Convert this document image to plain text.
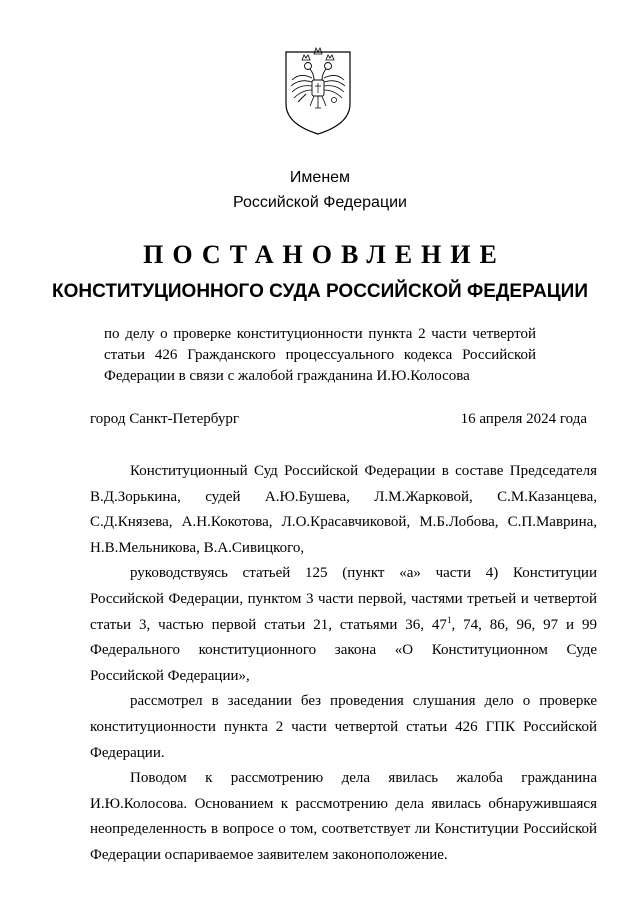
Именем
Российской Федерации
ПОСТАНОВЛЕНИЕ
КОНСТИТУЦИОННОГО СУДА РОССИЙСКОЙ ФЕДЕРАЦИИ
по делу о проверке конституционности пункта 2 части четвертой статьи 426 Гражданского процессуального кодекса Российской Федерации в связи с жалобой гражданина И.Ю.Колосова
город Санкт-Петербург	16 апреля 2024 года

Конституционный Суд Российской Федерации в составе Председателя В.Д.Зорькина, судей А.Ю.Бушева, Л.М.Жарковой, С.М.Казанцева, С.Д.Князева, А.Н.Кокотова, Л.О.Красавчиковой, М.Б.Лобова, С.П.Маврина, Н.В.Мельникова, В.А.Сивицкого,

руководствуясь статьей 125 (пункт «а» части 4) Конституции Российской Федерации, пунктом 3 части первой, частями третьей и четвертой статьи 3, частью первой статьи 21, статьями 36, $47^1$, 74, 86, 96, 97 и 99 Федерального конституционного закона «О Конституционном Суде Российской Федерации»,

рассмотрел в заседании без проведения слушания дело о проверке конституционности пункта 2 части четвертой статьи 426 ГПК Российской Федерации.

Поводом к рассмотрению дела явилась жалоба гражданина И.Ю.Колосова. Основанием к рассмотрению дела явилась обнаружившаяся неопределенность в вопросе о том, соответствует ли Конституции Российской Федерации оспариваемое заявителем законоположение.
